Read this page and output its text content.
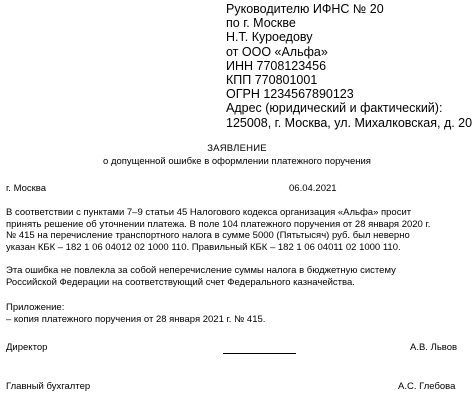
Руководителю ИФНС № 20
по г. Москве
Н.Т. Куроедову
от ООО «Альфа»
ИНН 7708123456
КПП 770801001
ОГРН 1234567890123
Адрес (юридический и фактический):
125008, г. Москва, ул. Михалковская, д. 20
ЗАЯВЛЕНИЕ
о допущенной ошибке в оформлении платежного поручения
г. Москва	06.04.2021
В соответствии с пунктами 7–9 статьи 45 Налогового кодекса организация «Альфа» просит
принять решение об уточнении платежа. В поле 104 платежного поручения от 28 января 2020 г.
№ 415 на перечисление транспортного налога в сумме 5000 (Пятьтысяч) руб. был неверно
указан КБК – 182 1 06 04012 02 1000 110. Правильный КБК – 182 1 06 04011 02 1000 110.
Эта ошибка не повлекла за собой неперечисление суммы налога в бюджетную систему
Российской Федерации на соответствующий счет Федерального казначейства.
Приложение:
– копия платежного поручения от 28 января 2021 г. № 415.
Директор	А.В. Львов
Главный бухгалтер	А.С. Глебова
